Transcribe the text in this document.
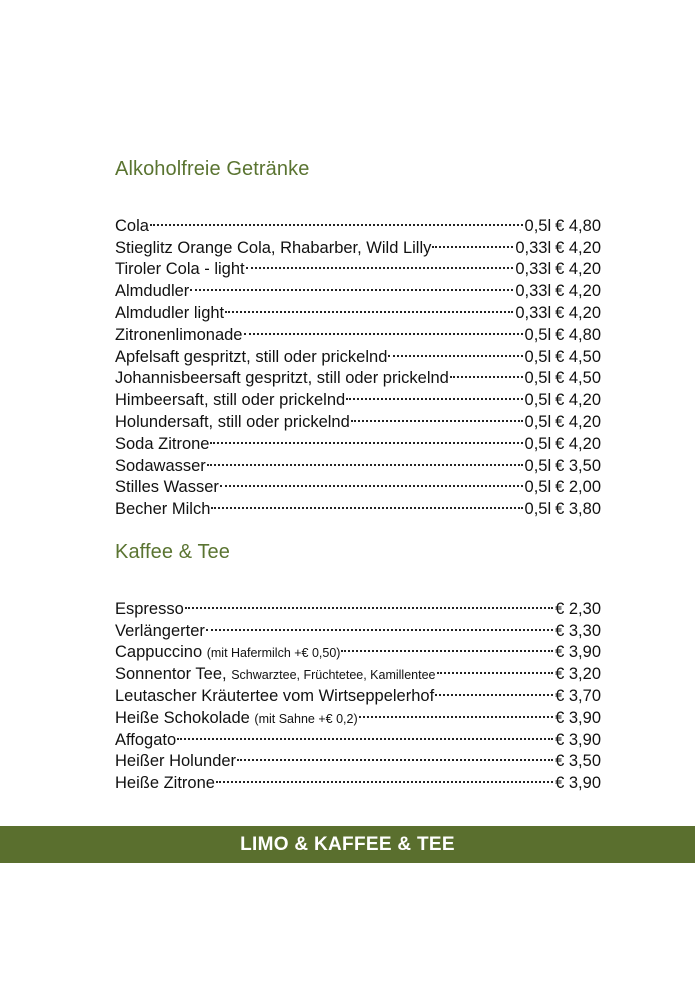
Alkoholfreie Getränke
Cola	0,5l € 4,80
Stieglitz Orange Cola, Rhabarber, Wild Lilly	0,33l € 4,20
Tiroler Cola - light	0,33l € 4,20
Almdudler	0,33l € 4,20
Almdudler light	0,33l € 4,20
Zitronenlimonade	0,5l € 4,80
Apfelsaft gespritzt, still oder prickelnd	0,5l € 4,50
Johannisbeersaft gespritzt, still oder prickelnd	0,5l € 4,50
Himbeersaft, still oder prickelnd	0,5l € 4,20
Holundersaft, still oder prickelnd	0,5l € 4,20
Soda Zitrone	0,5l € 4,20
Sodawasser	0,5l € 3,50
Stilles Wasser	0,5l € 2,00
Becher Milch	0,5l € 3,80
Kaffee & Tee
Espresso	€ 2,30
Verlängerter	€ 3,30
Cappuccino (mit Hafermilch +€ 0,50)	€ 3,90
Sonnentor Tee, Schwarztee, Früchtetee, Kamillentee	€ 3,20
Leutascher Kräutertee vom Wirtseppelerhof	€ 3,70
Heiße Schokolade (mit Sahne +€ 0,2)	€ 3,90
Affogato	€ 3,90
Heißer Holunder	€ 3,50
Heiße Zitrone	€ 3,90
LIMO & KAFFEE & TEE
